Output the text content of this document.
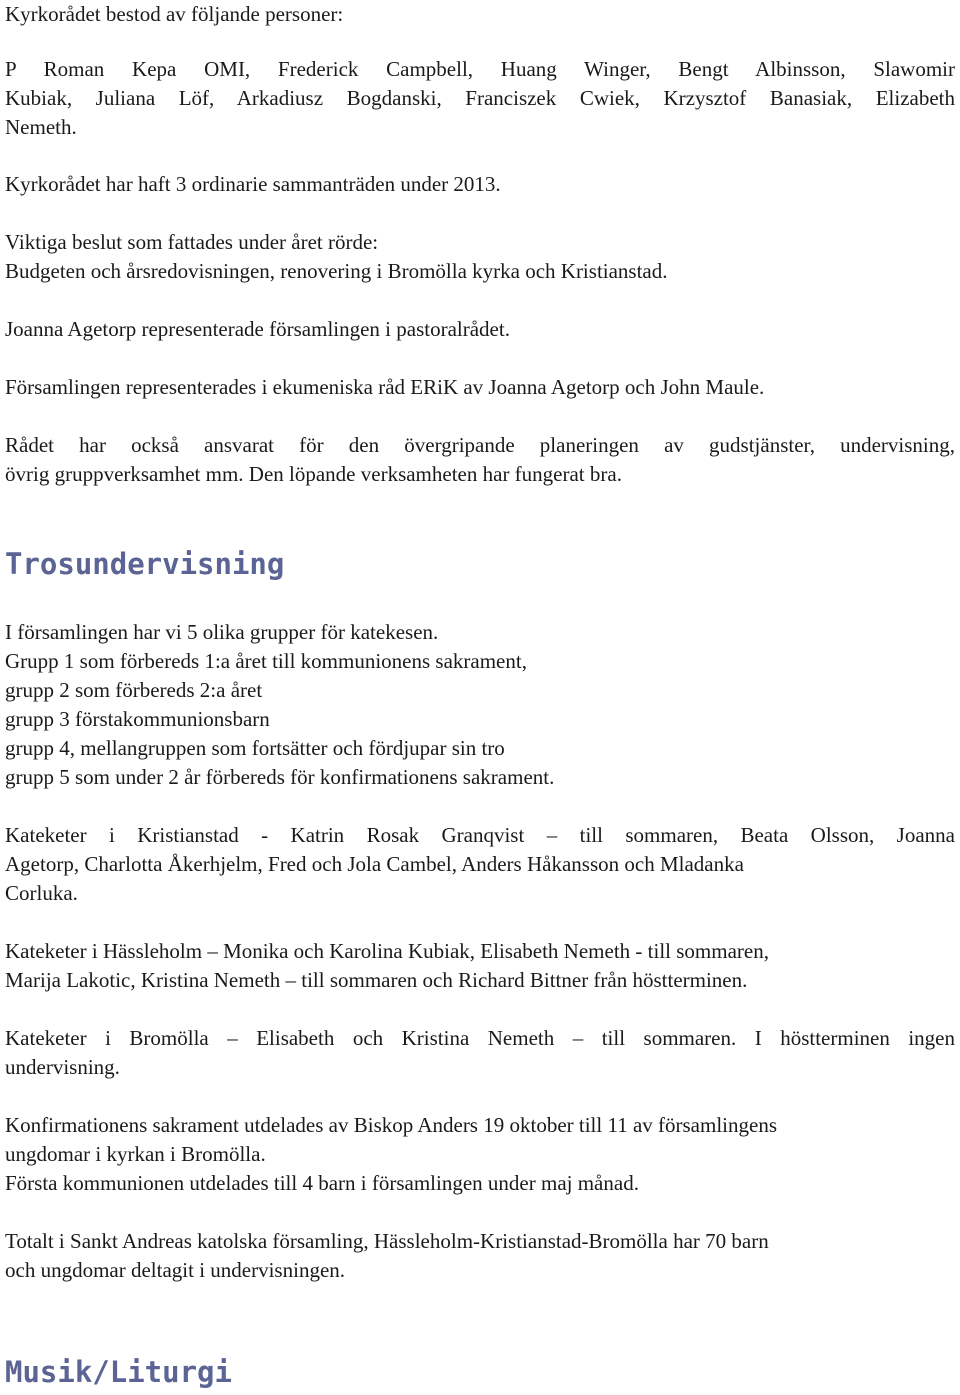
Kyrkorådet bestod av följande personer:
P Roman Kepa OMI, Frederick Campbell, Huang Winger, Bengt Albinsson, Slawomir
Kubiak, Juliana Löf, Arkadiusz Bogdanski, Franciszek Cwiek, Krzysztof Banasiak, Elizabeth
Nemeth.
Kyrkorådet har haft 3 ordinarie sammanträden under 2013.
Viktiga beslut som fattades under året rörde:
Budgeten och årsredovisningen, renovering i Bromölla kyrka och Kristianstad.
Joanna Agetorp representerade församlingen i pastoralrådet.
Församlingen representerades i ekumeniska råd ERiK av Joanna Agetorp och John Maule.
Rådet har också ansvarat för den övergripande planeringen av gudstjänster, undervisning,
övrig gruppverksamhet mm. Den löpande verksamheten har fungerat bra.
Trosundervisning
I församlingen har vi 5 olika grupper för katekesen.
Grupp 1 som förbereds 1:a året till kommunionens sakrament,
grupp 2 som förbereds 2:a året
grupp 3 förstakommunionsbarn
grupp 4, mellangruppen som fortsätter och fördjupar sin tro
grupp 5 som under 2 år förbereds för konfirmationens sakrament.
Kateketer i Kristianstad - Katrin Rosak Granqvist – till sommaren, Beata Olsson, Joanna
Agetorp, Charlotta Åkerhjelm, Fred och Jola Cambel, Anders Håkansson och Mladanka
Corluka.
Kateketer i Hässleholm – Monika och Karolina Kubiak, Elisabeth Nemeth - till sommaren,
Marija Lakotic, Kristina Nemeth – till sommaren och Richard Bittner från höstterminen.
Kateketer i Bromölla – Elisabeth och Kristina Nemeth – till sommaren. I höstterminen ingen
undervisning.
Konfirmationens sakrament utdelades av Biskop Anders 19 oktober till 11 av församlingens
ungdomar i kyrkan i Bromölla.
Första kommunionen utdelades till 4 barn i församlingen under maj månad.
Totalt i Sankt Andreas katolska församling, Hässleholm-Kristianstad-Bromölla har 70 barn
och ungdomar deltagit i undervisningen.
Musik/Liturgi
